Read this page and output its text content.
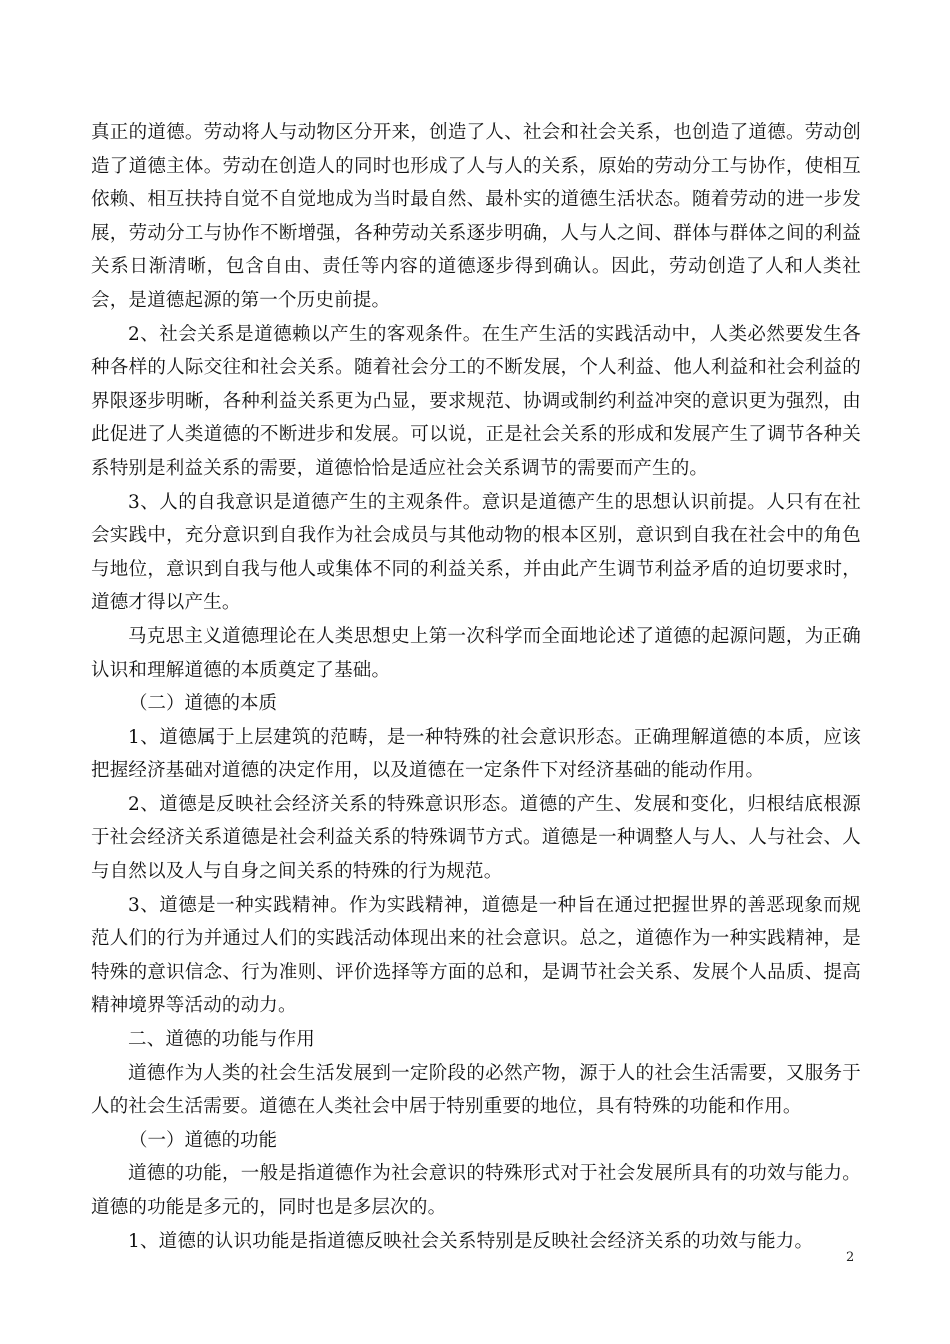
真正的道德。劳动将人与动物区分开来，创造了人、社会和社会关系，也创造了道德。劳动创造了道德主体。劳动在创造人的同时也形成了人与人的关系，原始的劳动分工与协作，使相互依赖、相互扶持自觉不自觉地成为当时最自然、最朴实的道德生活状态。随着劳动的进一步发展，劳动分工与协作不断增强，各种劳动关系逐步明确，人与人之间、群体与群体之间的利益关系日渐清晰，包含自由、责任等内容的道德逐步得到确认。因此，劳动创造了人和人类社会，是道德起源的第一个历史前提。

2、社会关系是道德赖以产生的客观条件。在生产生活的实践活动中，人类必然要发生各种各样的人际交往和社会关系。随着社会分工的不断发展，个人利益、他人利益和社会利益的界限逐步明晰，各种利益关系更为凸显，要求规范、协调或制约利益冲突的意识更为强烈，由此促进了人类道德的不断进步和发展。可以说，正是社会关系的形成和发展产生了调节各种关系特别是利益关系的需要，道德恰恰是适应社会关系调节的需要而产生的。

3、人的自我意识是道德产生的主观条件。意识是道德产生的思想认识前提。人只有在社会实践中，充分意识到自我作为社会成员与其他动物的根本区别，意识到自我在社会中的角色与地位，意识到自我与他人或集体不同的利益关系，并由此产生调节利益矛盾的迫切要求时，道德才得以产生。

马克思主义道德理论在人类思想史上第一次科学而全面地论述了道德的起源问题，为正确认识和理解道德的本质奠定了基础。

（二）道德的本质

1、道德属于上层建筑的范畴，是一种特殊的社会意识形态。正确理解道德的本质，应该把握经济基础对道德的决定作用，以及道德在一定条件下对经济基础的能动作用。

2、道德是反映社会经济关系的特殊意识形态。道德的产生、发展和变化，归根结底根源于社会经济关系道德是社会利益关系的特殊调节方式。道德是一种调整人与人、人与社会、人与自然以及人与自身之间关系的特殊的行为规范。

3、道德是一种实践精神。作为实践精神，道德是一种旨在通过把握世界的善恶现象而规范人们的行为并通过人们的实践活动体现出来的社会意识。总之，道德作为一种实践精神，是特殊的意识信念、行为准则、评价选择等方面的总和，是调节社会关系、发展个人品质、提高精神境界等活动的动力。

二、道德的功能与作用

道德作为人类的社会生活发展到一定阶段的必然产物，源于人的社会生活需要，又服务于人的社会生活需要。道德在人类社会中居于特别重要的地位，具有特殊的功能和作用。

（一）道德的功能

道德的功能，一般是指道德作为社会意识的特殊形式对于社会发展所具有的功效与能力。道德的功能是多元的，同时也是多层次的。

1、道德的认识功能是指道德反映社会关系特别是反映社会经济关系的功效与能力。

2
